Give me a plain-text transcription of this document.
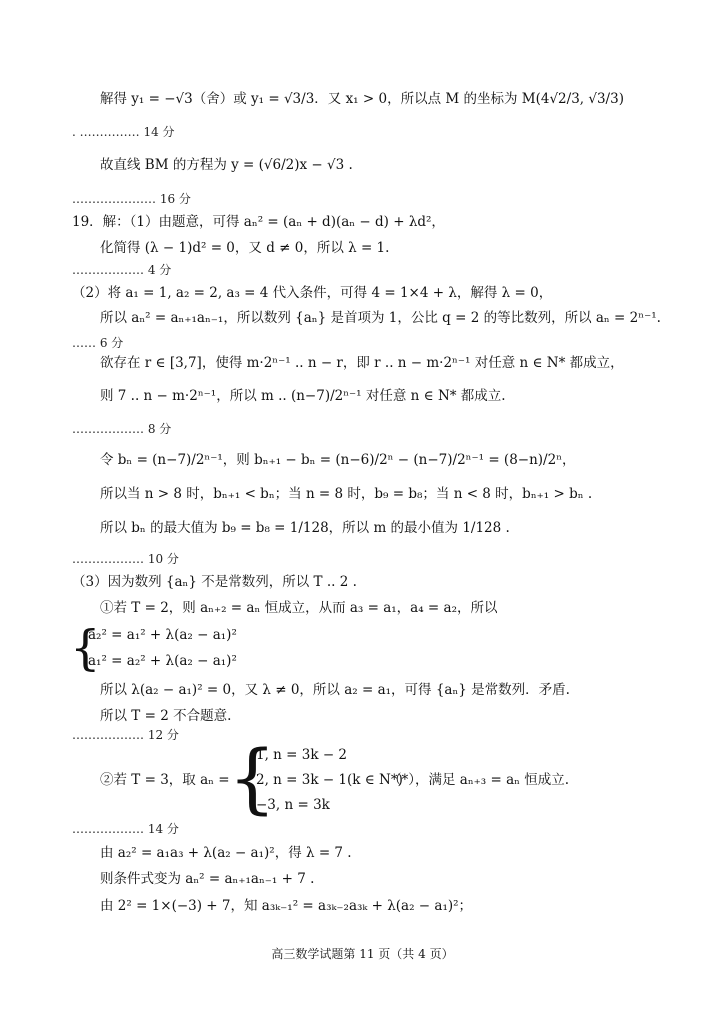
解得 y₁ = −√3（舍）或 y₁ = √3/3．又 x₁ > 0，所以点 M 的坐标为 M(4√2/3, √3/3)
. …………… 14 分
故直线 BM 的方程为 y = (√6/2)x − √3 .
………………… 16 分
19．解：（1）由题意，可得 aₙ² = (aₙ + d)(aₙ − d) + λd²，
化简得 (λ − 1)d² = 0，又 d ≠ 0，所以 λ = 1.
……………… 4 分
（2）将 a₁ = 1, a₂ = 2, a₃ = 4 代入条件，可得 4 = 1×4 + λ，解得 λ = 0，
所以 aₙ² = aₙ₊₁aₙ₋₁，所以数列 {aₙ} 是首项为 1，公比 q = 2 的等比数列，所以 aₙ = 2ⁿ⁻¹.
…… 6 分
欲存在 r ∈ [3,7]，使得 m·2ⁿ⁻¹ .. n − r，即 r .. n − m·2ⁿ⁻¹ 对任意 n ∈ N* 都成立，
则 7 .. n − m·2ⁿ⁻¹，所以 m .. (n−7)/2ⁿ⁻¹ 对任意 n ∈ N* 都成立.
……………… 8 分
令 bₙ = (n−7)/2ⁿ⁻¹，则 bₙ₊₁ − bₙ = (n−6)/2ⁿ − (n−7)/2ⁿ⁻¹ = (8−n)/2ⁿ，
所以当 n > 8 时，bₙ₊₁ < bₙ；当 n = 8 时，b₉ = b₈；当 n < 8 时，bₙ₊₁ > bₙ .
所以 bₙ 的最大值为 b₉ = b₈ = 1/128，所以 m 的最小值为 1/128 .
……………… 10 分
（3）因为数列 {aₙ} 不是常数列，所以 T .. 2 .
①若 T = 2，则 aₙ₊₂ = aₙ 恒成立，从而 a₃ = a₁，a₄ = a₂，所以
{
a₂² = a₁² + λ(a₂ − a₁)²
a₁² = a₂² + λ(a₂ − a₁)²
所以 λ(a₂ − a₁)² = 0，又 λ ≠ 0，所以 a₂ = a₁，可得 {aₙ} 是常数列．矛盾.
所以 T = 2 不合题意.
……………… 12 分
②若 T = 3，取 aₙ =
{
1, n = 3k − 2
2, n = 3k − 1(k ∈ N*)
−3, n = 3k
（*），满足 aₙ₊₃ = aₙ 恒成立.
……………… 14 分
由 a₂² = a₁a₃ + λ(a₂ − a₁)²，得 λ = 7 .
则条件式变为 aₙ² = aₙ₊₁aₙ₋₁ + 7 .
由 2² = 1×(−3) + 7，知 a₃ₖ₋₁² = a₃ₖ₋₂a₃ₖ + λ(a₂ − a₁)²；
高三数学试题第 11 页（共 4 页）
